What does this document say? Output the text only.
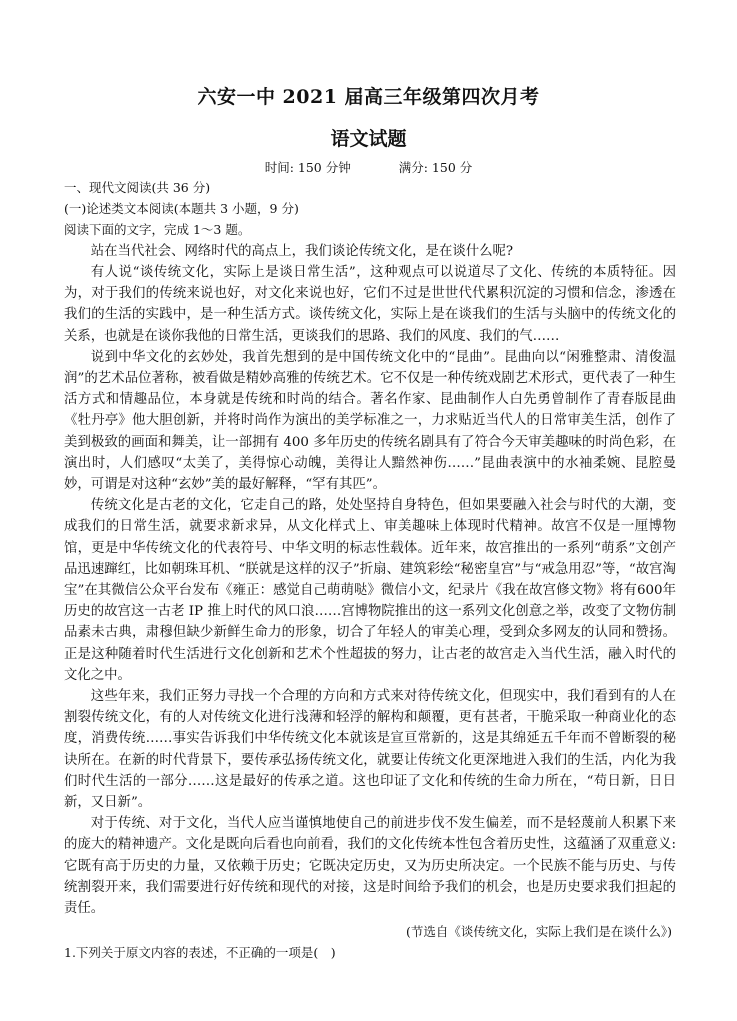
六安一中 2021 届高三年级第四次月考
语文试题
时间: 150 分钟	满分: 150 分

一、现代文阅读(共 36 分)

(一)论述类文本阅读(本题共 3 小题，9 分)

阅读下面的文字，完成 1～3 题。

站在当代社会、网络时代的高点上，我们谈论传统文化，是在谈什么呢?

有人说“谈传统文化，实际上是谈日常生活”，这种观点可以说道尽了文化、传统的本质特征。因为，对于我们的传统来说也好，对文化来说也好，它们不过是世世代代累积沉淀的习惯和信念，渗透在我们的生活的实践中，是一种生活方式。谈传统文化，实际上是在谈我们的生活与头脑中的传统文化的关系，也就是在谈你我他的日常生活，更谈我们的思路、我们的风度、我们的气……

说到中华文化的玄妙处，我首先想到的是中国传统文化中的“昆曲”。昆曲向以“闲雅整肃、清俊温润”的艺术品位著称，被看做是精妙高雅的传统艺术。它不仅是一种传统戏剧艺术形式，更代表了一种生活方式和情趣品位，本身就是传统和时尚的结合。著名作家、昆曲制作人白先勇曾制作了青春版昆曲《牡丹亭》他大胆创新，并将时尚作为演出的美学标准之一，力求贴近当代人的日常审美生活，创作了美到极致的画面和舞美，让一部拥有 400 多年历史的传统名剧具有了符合今天审美趣味的时尚色彩，在演出时，人们感叹“太美了，美得惊心动魄，美得让人黯然神伤……”昆曲表演中的水袖柔婉、昆腔曼妙，可谓是对这种“玄妙”美的最好解释，“罕有其匹”。

传统文化是古老的文化，它走自己的路，处处坚持自身特色，但如果要融入社会与时代的大潮，变成我们的日常生活，就要求新求异，从文化样式上、审美趣味上体现时代精神。故宫不仅是一厘博物馆，更是中华传统文化的代表符号、中华文明的标志性载体。近年来，故宫推出的一系列“萌系”文创产品迅速蹿红，比如朝珠耳机、“朕就是这样的汉子”折扇、建筑彩绘“秘密皇宫”与“戒急用忍”等，“故宫淘宝”在其微信公众平台发布《雍正：感觉自己萌萌哒》微信小文，纪录片《我在故宫修文物》将有600年历史的故宫这一古老 IP 推上时代的风口浪……宫博物院推出的这一系列文化创意之举，改变了文物仿制品素未古典，肃穆但缺少新鲜生命力的形象，切合了年轻人的审美心理，受到众多网友的认同和赞扬。正是这种随着时代生活进行文化创新和艺术个性超拔的努力，让古老的故宫走入当代生活，融入时代的文化之中。

这些年来，我们正努力寻找一个合理的方向和方式来对待传统文化，但现实中，我们看到有的人在割裂传统文化，有的人对传统文化进行浅薄和轻浮的解构和颠覆，更有甚者，干脆采取一种商业化的态度，消费传统……事实告诉我们中华传统文化本就该是宣亘常新的，这是其绵延五千年而不曾断裂的秘诀所在。在新的时代背景下，要传承弘扬传统文化，就要让传统文化更深地进入我们的生活，内化为我们时代生活的一部分……这是最好的传承之道。这也印证了文化和传统的生命力所在，“苟日新，日日新，又日新”。

对于传统、对于文化，当代人应当谨慎地使自己的前进步伐不发生偏差，而不是轻蔑前人积累下来的庞大的精神遗产。文化是既向后看也向前看，我们的文化传统本性包含着历史性，这蕴涵了双重意义:它既有高于历史的力量，又依赖于历史；它既决定历史，又为历史所决定。一个民族不能与历史、与传统割裂开来，我们需要进行好传统和现代的对接，这是时间给予我们的机会，也是历史要求我们担起的责任。

(节选自《谈传统文化，实际上我们是在谈什么》)

1.下列关于原文内容的表述，不正确的一项是(　)
